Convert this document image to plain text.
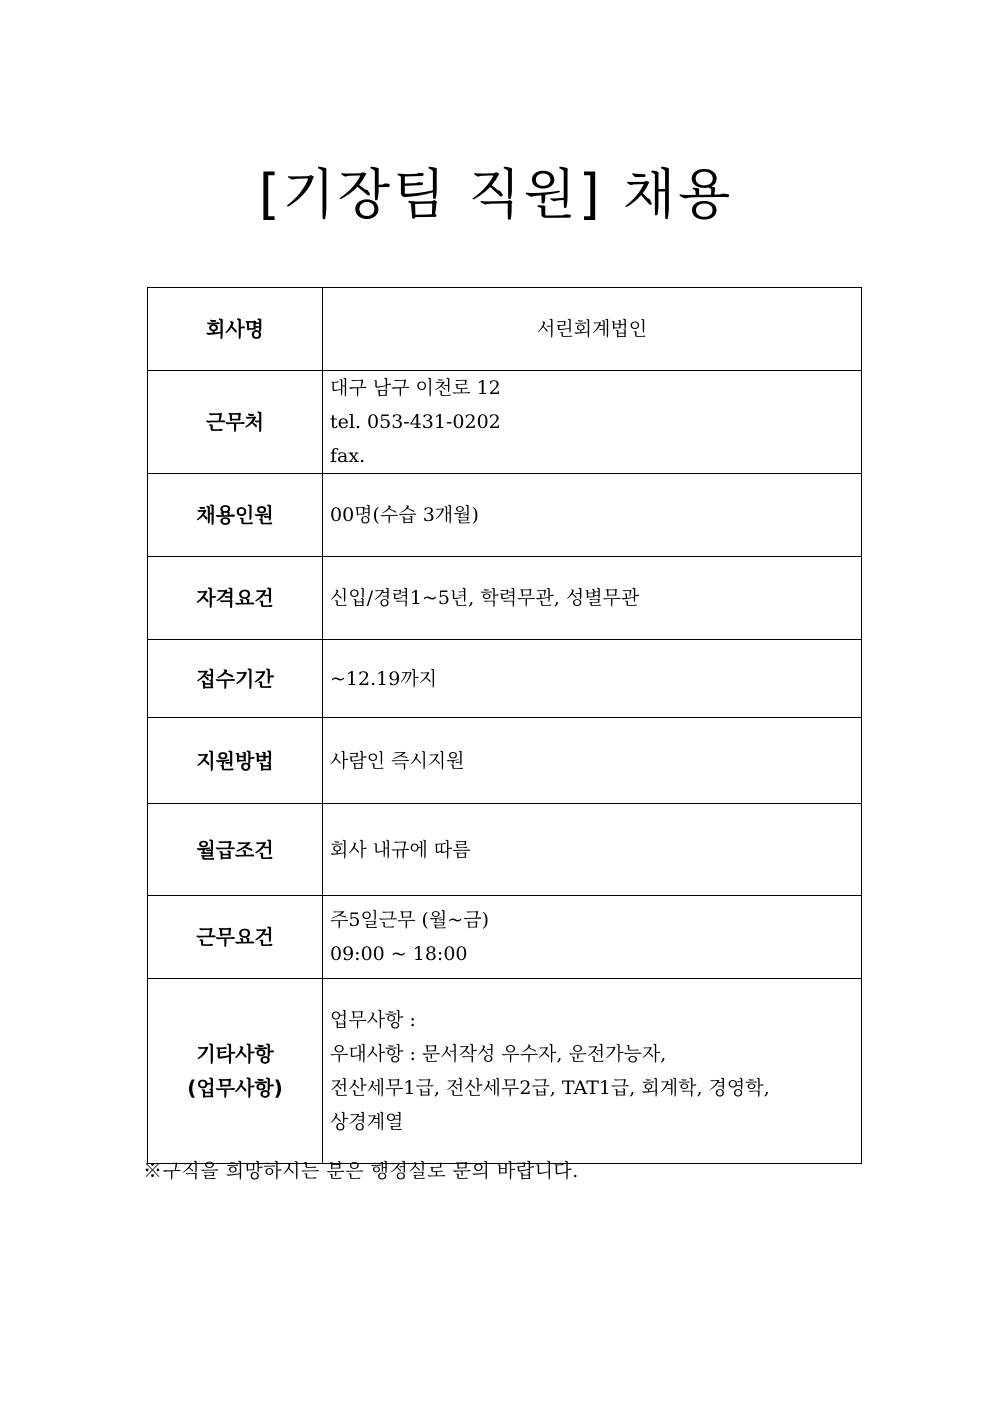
[기장팀 직원] 채용
회사명	서린회계법인

근무처	대구 남구 이천로 12
tel. 053-431-0202
fax.

채용인원	00명(수습 3개월)

자격요건	신입/경력1~5년, 학력무관, 성별무관

접수기간	~12.19까지

지원방법	사람인 즉시지원

월급조건	회사 내규에 따름

근무요건	주5일근무 (월~금)
09:00 ~ 18:00

기타사항
(업무사항)	업무사항 :
우대사항 : 문서작성 우수자, 운전가능자,
전산세무1급, 전산세무2급, TAT1급, 회계학, 경영학,
상경계열
※구직을 희망하시는 분은 행정실로 문의 바랍니다.
